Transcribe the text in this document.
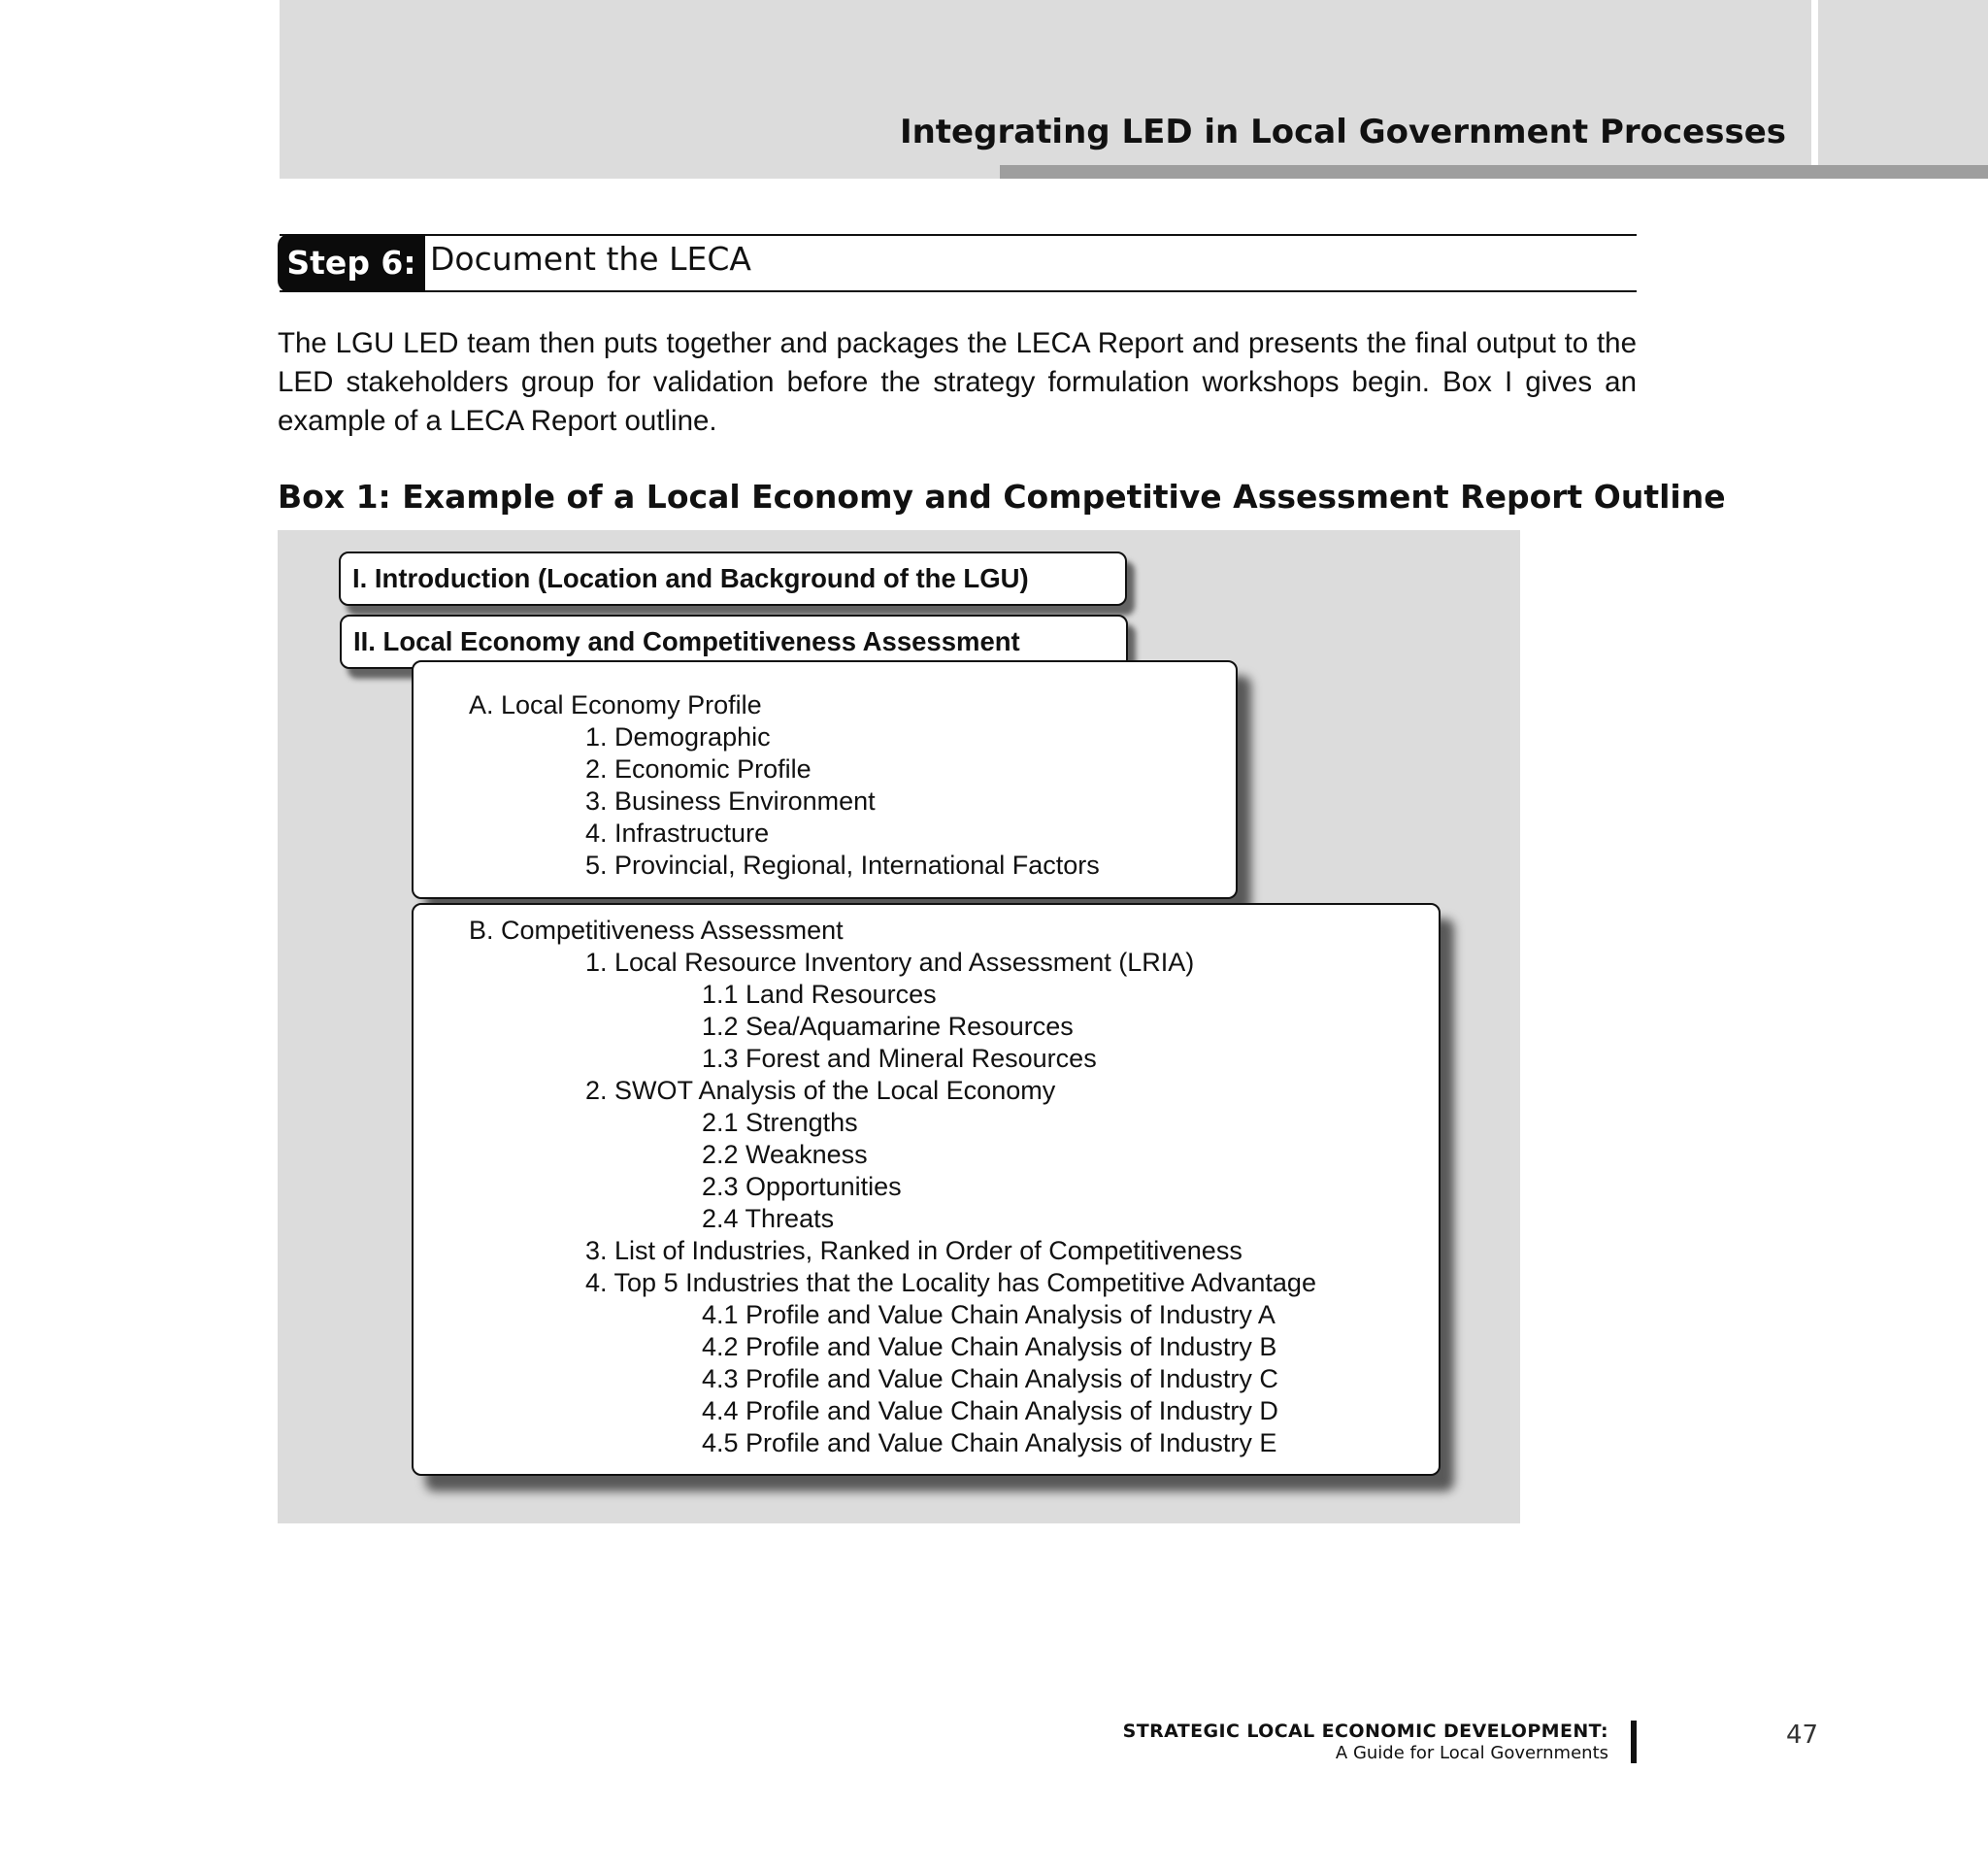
Integrating LED in Local Government Processes
Step 6: Document the LECA
The LGU LED team then puts together and packages the LECA Report and presents the final output to the LED stakeholders group for validation before the strategy formulation workshops begin. Box I gives an example of a LECA Report outline.
Box 1: Example of a Local Economy and Competitive Assessment Report Outline
I. Introduction (Location and Background of the LGU)
II. Local Economy and Competitiveness Assessment
A. Local Economy Profile
1. Demographic
2. Economic Profile
3. Business Environment
4. Infrastructure
5. Provincial, Regional, International Factors
B. Competitiveness Assessment
1. Local Resource Inventory and Assessment (LRIA)
1.1 Land Resources
1.2 Sea/Aquamarine Resources
1.3 Forest and Mineral Resources
2. SWOT Analysis of the Local Economy
2.1 Strengths
2.2 Weakness
2.3 Opportunities
2.4 Threats
3. List of Industries, Ranked in Order of Competitiveness
4. Top 5 Industries that the Locality has Competitive Advantage
4.1 Profile and Value Chain Analysis of Industry A
4.2 Profile and Value Chain Analysis of Industry B
4.3 Profile and Value Chain Analysis of Industry C
4.4 Profile and Value Chain Analysis of Industry D
4.5 Profile and Value Chain Analysis of Industry E
STRATEGIC LOCAL ECONOMIC DEVELOPMENT:
A Guide for Local Governments
47
